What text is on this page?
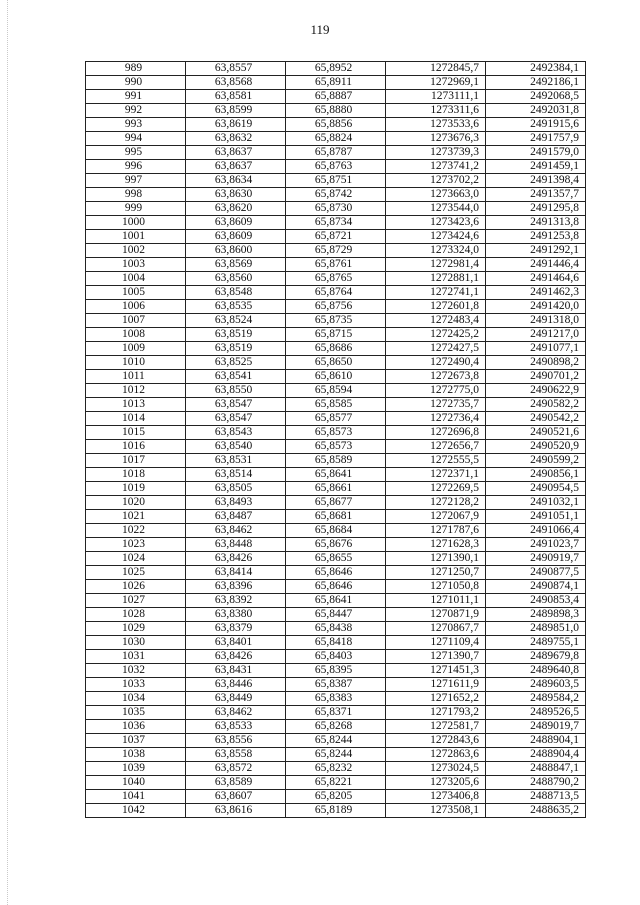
119
989	63,8557	65,8952	1272845,7	2492384,1
990	63,8568	65,8911	1272969,1	2492186,1
991	63,8581	65,8887	1273111,1	2492068,5
992	63,8599	65,8880	1273311,6	2492031,8
993	63,8619	65,8856	1273533,6	2491915,6
994	63,8632	65,8824	1273676,3	2491757,9
995	63,8637	65,8787	1273739,3	2491579,0
996	63,8637	65,8763	1273741,2	2491459,1
997	63,8634	65,8751	1273702,2	2491398,4
998	63,8630	65,8742	1273663,0	2491357,7
999	63,8620	65,8730	1273544,0	2491295,8
1000	63,8609	65,8734	1273423,6	2491313,8
1001	63,8609	65,8721	1273424,6	2491253,8
1002	63,8600	65,8729	1273324,0	2491292,1
1003	63,8569	65,8761	1272981,4	2491446,4
1004	63,8560	65,8765	1272881,1	2491464,6
1005	63,8548	65,8764	1272741,1	2491462,3
1006	63,8535	65,8756	1272601,8	2491420,0
1007	63,8524	65,8735	1272483,4	2491318,0
1008	63,8519	65,8715	1272425,2	2491217,0
1009	63,8519	65,8686	1272427,5	2491077,1
1010	63,8525	65,8650	1272490,4	2490898,2
1011	63,8541	65,8610	1272673,8	2490701,2
1012	63,8550	65,8594	1272775,0	2490622,9
1013	63,8547	65,8585	1272735,7	2490582,2
1014	63,8547	65,8577	1272736,4	2490542,2
1015	63,8543	65,8573	1272696,8	2490521,6
1016	63,8540	65,8573	1272656,7	2490520,9
1017	63,8531	65,8589	1272555,5	2490599,2
1018	63,8514	65,8641	1272371,1	2490856,1
1019	63,8505	65,8661	1272269,5	2490954,5
1020	63,8493	65,8677	1272128,2	2491032,1
1021	63,8487	65,8681	1272067,9	2491051,1
1022	63,8462	65,8684	1271787,6	2491066,4
1023	63,8448	65,8676	1271628,3	2491023,7
1024	63,8426	65,8655	1271390,1	2490919,7
1025	63,8414	65,8646	1271250,7	2490877,5
1026	63,8396	65,8646	1271050,8	2490874,1
1027	63,8392	65,8641	1271011,1	2490853,4
1028	63,8380	65,8447	1270871,9	2489898,3
1029	63,8379	65,8438	1270867,7	2489851,0
1030	63,8401	65,8418	1271109,4	2489755,1
1031	63,8426	65,8403	1271390,7	2489679,8
1032	63,8431	65,8395	1271451,3	2489640,8
1033	63,8446	65,8387	1271611,9	2489603,5
1034	63,8449	65,8383	1271652,2	2489584,2
1035	63,8462	65,8371	1271793,2	2489526,5
1036	63,8533	65,8268	1272581,7	2489019,7
1037	63,8556	65,8244	1272843,6	2488904,1
1038	63,8558	65,8244	1272863,6	2488904,4
1039	63,8572	65,8232	1273024,5	2488847,1
1040	63,8589	65,8221	1273205,6	2488790,2
1041	63,8607	65,8205	1273406,8	2488713,5
1042	63,8616	65,8189	1273508,1	2488635,2
